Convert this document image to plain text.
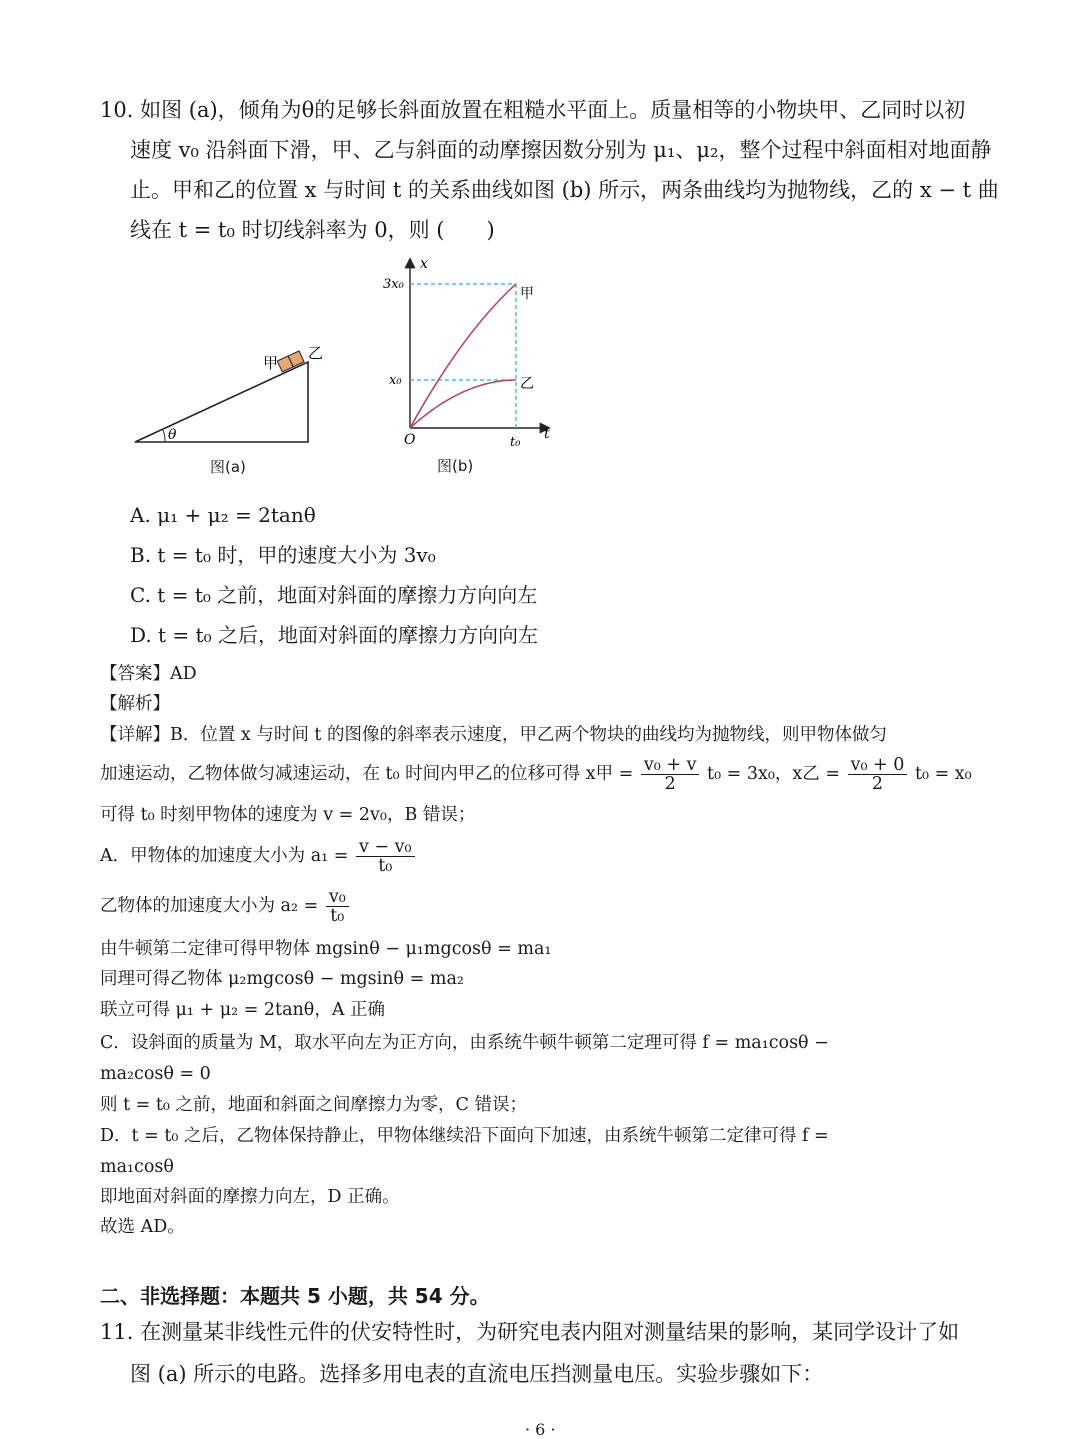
10. 如图 (a)，倾角为θ的足够长斜面放置在粗糙水平面上。质量相等的小物块甲、乙同时以初
速度 v₀ 沿斜面下滑，甲、乙与斜面的动摩擦因数分别为 μ₁、μ₂，整个过程中斜面相对地面静
止。甲和乙的位置 x 与时间 t 的关系曲线如图 (b) 所示，两条曲线均为抛物线，乙的 x − t 曲
线在 t = t₀ 时切线斜率为 0，则 (　　)
甲
乙
θ
图(a)
x
t
O
3x₀
x₀
t₀
甲
乙
图(b)
A. μ₁ + μ₂ = 2tanθ
B. t = t₀ 时，甲的速度大小为 3v₀
C. t = t₀ 之前，地面对斜面的摩擦力方向向左
D. t = t₀ 之后，地面对斜面的摩擦力方向向左
【答案】AD
【解析】
【详解】B．位置 x 与时间 t 的图像的斜率表示速度，甲乙两个物块的曲线均为抛物线，则甲物体做匀
加速运动，乙物体做匀减速运动，在 t₀ 时间内甲乙的位移可得 x甲 = $\frac{\text{v₀ + v}}{2} t_0 = 3x_0$，x乙 = $\frac{\text{v₀ + 0}}{2} t_0 = x_0$
可得 t₀ 时刻甲物体的速度为 v = 2v₀，B 错误；
A．甲物体的加速度大小为 $a_1 = \frac{\text{v − v₀}}{\text{t₀}}$
乙物体的加速度大小为 $a_2 = \frac{\text{v₀}}{\text{t₀}}$
由牛顿第二定律可得甲物体 mgsinθ − μ₁mgcosθ = ma₁
同理可得乙物体 μ₂mgcosθ − mgsinθ = ma₂
联立可得 μ₁ + μ₂ = 2tanθ，A 正确
C．设斜面的质量为 M，取水平向左为正方向，由系统牛顿牛顿第二定理可得 f = ma₁cosθ −
ma₂cosθ = 0
则 t = t₀ 之前，地面和斜面之间摩擦力为零，C 错误；
D．t = t₀ 之后，乙物体保持静止，甲物体继续沿下面向下加速，由系统牛顿第二定律可得 f =
ma₁cosθ
即地面对斜面的摩擦力向左，D 正确。
故选 AD。
二、非选择题：本题共 5 小题，共 54 分。
11. 在测量某非线性元件的伏安特性时，为研究电表内阻对测量结果的影响，某同学设计了如
图 (a) 所示的电路。选择多用电表的直流电压挡测量电压。实验步骤如下：
· 6 ·
